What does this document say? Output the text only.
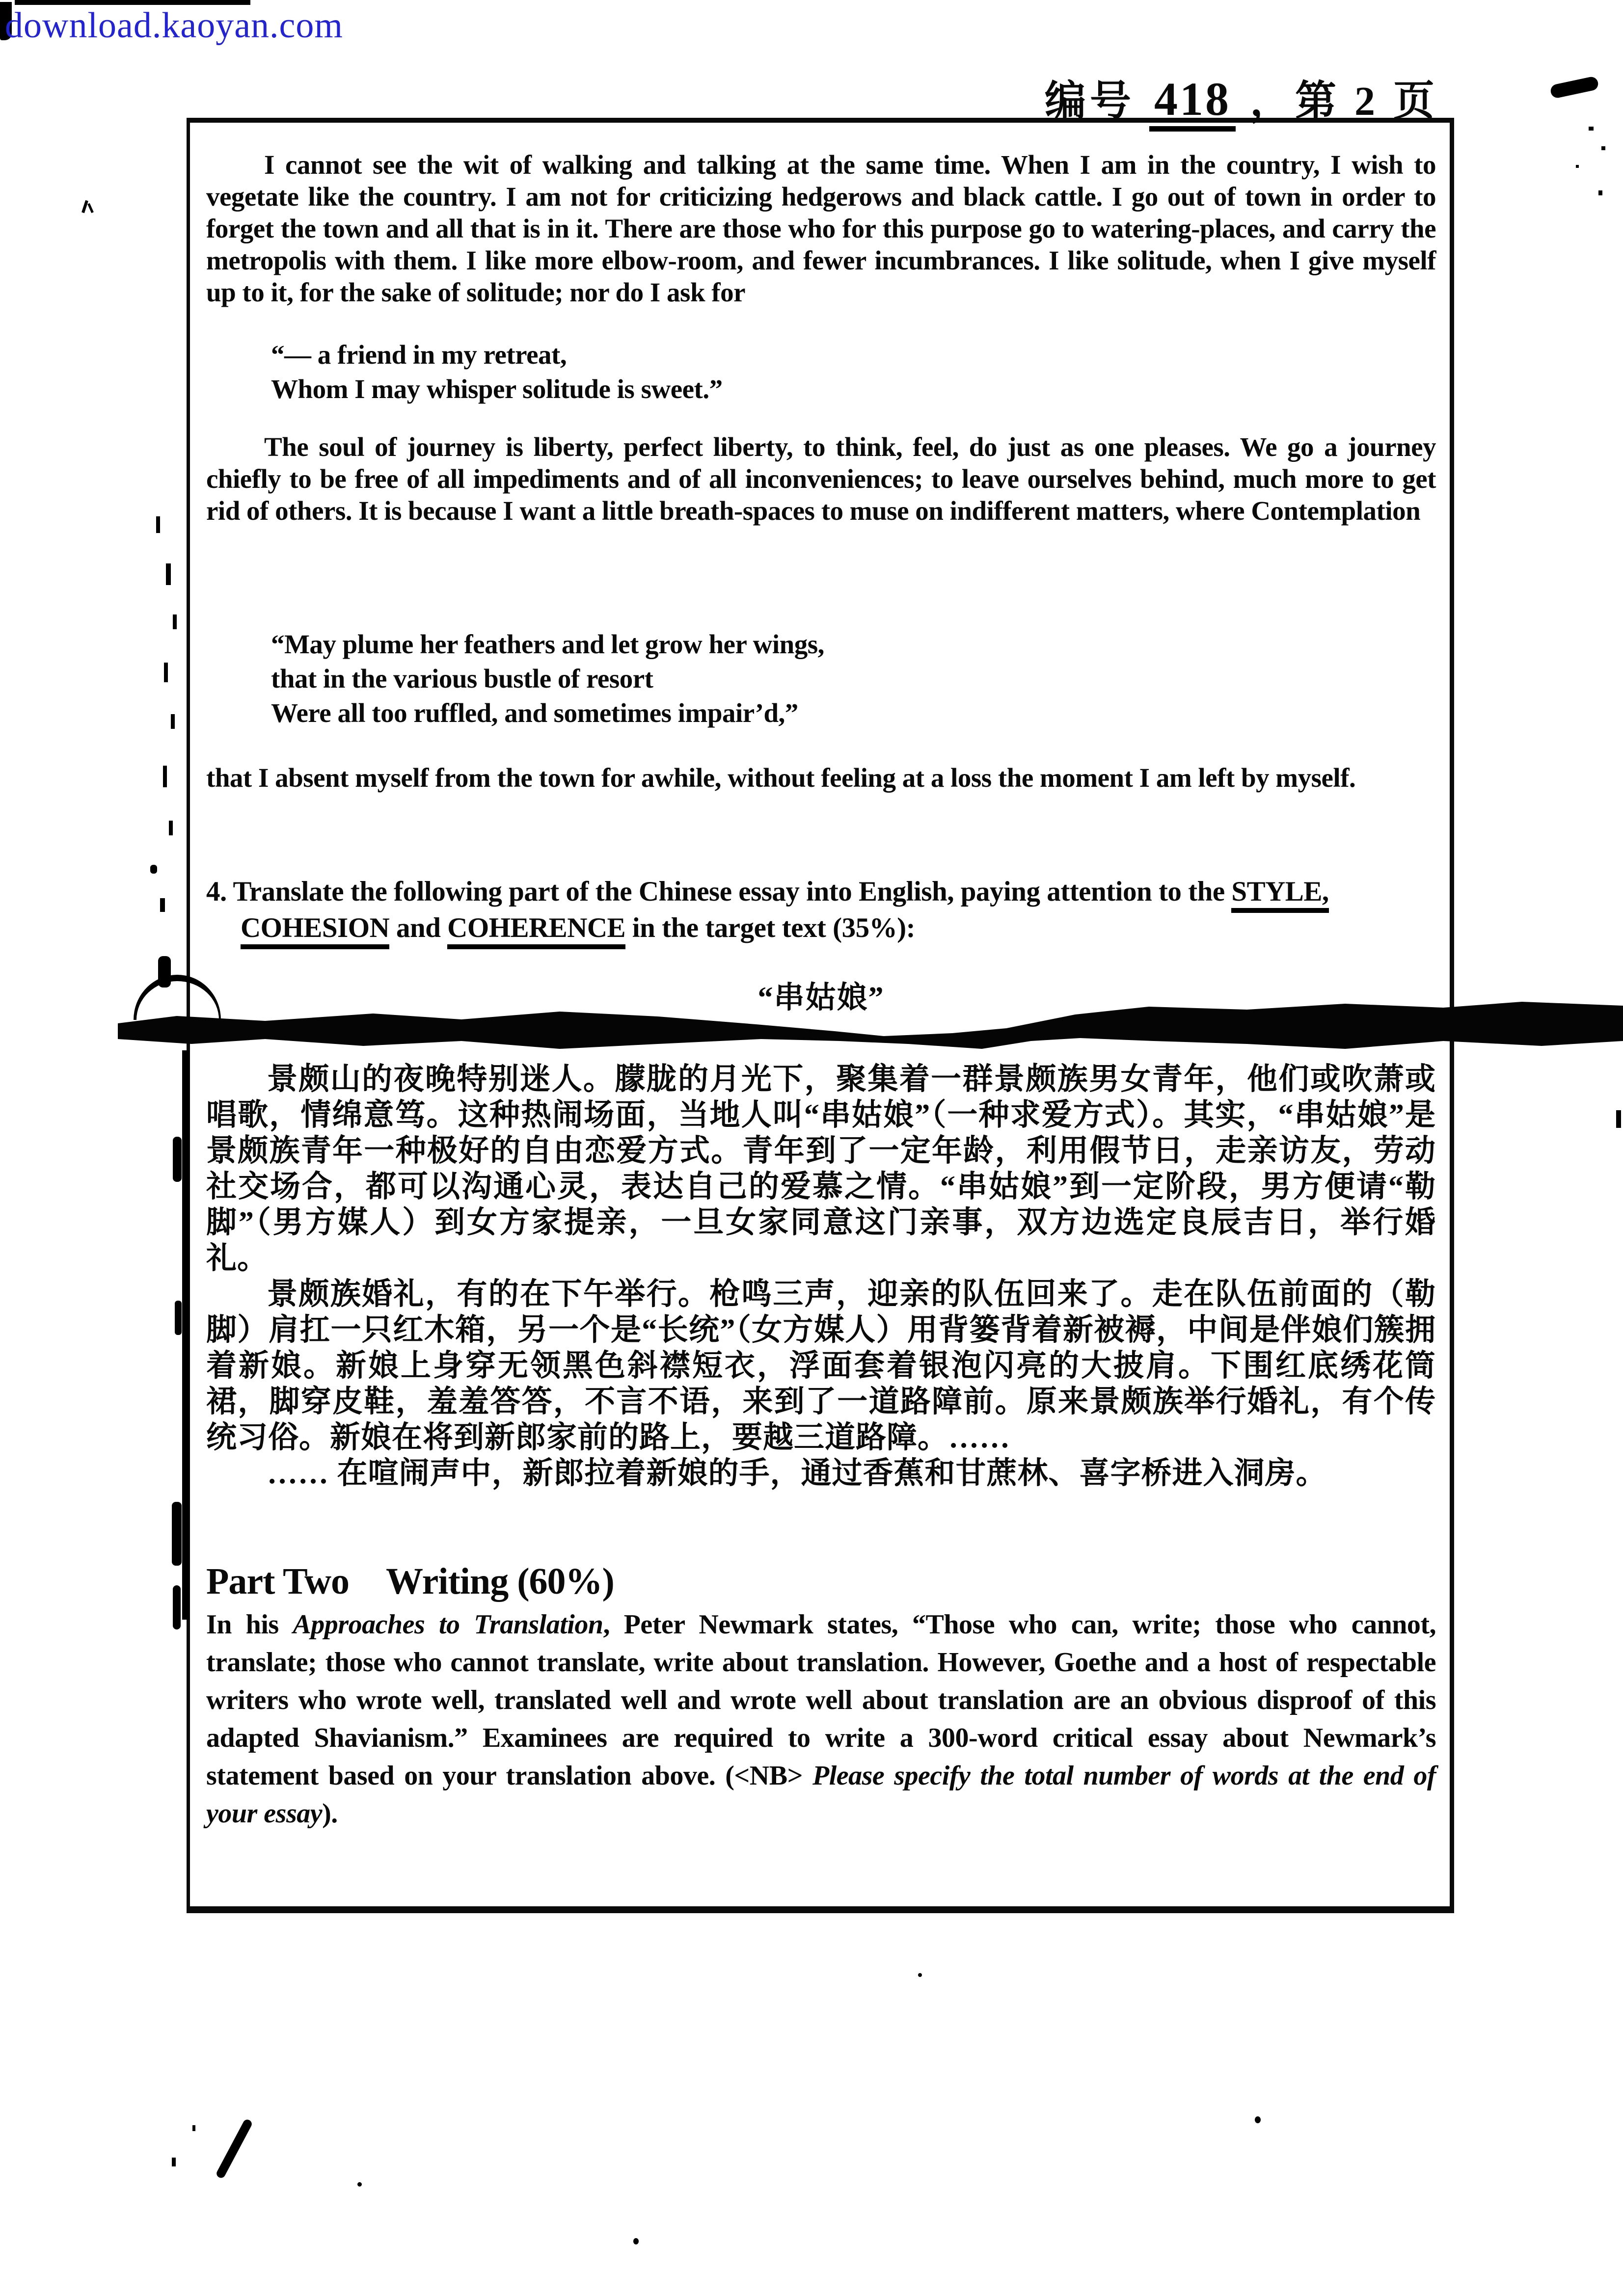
download.kaoyan.com
编号 418 ，第 2 页

I cannot see the wit of walking and talking at the same time. When I am in the country, I wish to vegetate like the country. I am not for criticizing hedgerows and black cattle. I go out of town in order to forget the town and all that is in it. There are those who for this purpose go to watering-places, and carry the metropolis with them. I like more elbow-room, and fewer incumbrances. I like solitude, when I give myself up to it, for the sake of solitude; nor do I ask for

“— a friend in my retreat,
Whom I may whisper solitude is sweet.”

The soul of journey is liberty, perfect liberty, to think, feel, do just as one pleases. We go a journey chiefly to be free of all impediments and of all inconveniences; to leave ourselves behind, much more to get rid of others. It is because I want a little breath-spaces to muse on indifferent matters, where Contemplation

“May plume her feathers and let grow her wings,
that in the various bustle of resort
Were all too ruffled, and sometimes impair’d,”

that I absent myself from the town for awhile, without feeling at a loss the moment I am left by myself.

4. Translate the following part of the Chinese essay into English, paying attention to the STYLE, COHESION and COHERENCE in the target text (35%):

“串姑娘”

景颇山的夜晚特别迷人。朦胧的月光下，聚集着一群景颇族男女青年，他们或吹萧或唱歌，情绵意笃。这种热闹场面，当地人叫“串姑娘”（一种求爱方式）。其实，“串姑娘”是景颇族青年一种极好的自由恋爱方式。青年到了一定年龄，利用假节日，走亲访友，劳动社交场合，都可以沟通心灵，表达自己的爱慕之情。“串姑娘”到一定阶段，男方便请“勒脚”（男方媒人）到女方家提亲，一旦女家同意这门亲事，双方边选定良辰吉日，举行婚礼。

景颇族婚礼，有的在下午举行。枪鸣三声，迎亲的队伍回来了。走在队伍前面的（勒脚）肩扛一只红木箱，另一个是“长统”（女方媒人）用背篓背着新被褥，中间是伴娘们簇拥着新娘。新娘上身穿无领黑色斜襟短衣，浮面套着银泡闪亮的大披肩。下围红底绣花筒裙，脚穿皮鞋，羞羞答答，不言不语，来到了一道路障前。原来景颇族举行婚礼，有个传统习俗。新娘在将到新郎家前的路上，要越三道路障。……

…… 在喧闹声中，新郎拉着新娘的手，通过香蕉和甘蔗林、喜字桥进入洞房。

Part Two　Writing (60%)

In his Approaches to Translation, Peter Newmark states, “Those who can, write; those who cannot, translate; those who cannot translate, write about translation. However, Goethe and a host of respectable writers who wrote well, translated well and wrote well about translation are an obvious disproof of this adapted Shavianism.” Examinees are required to write a 300-word critical essay about Newmark’s statement based on your translation above. (<NB> Please specify the total number of words at the end of your essay).
